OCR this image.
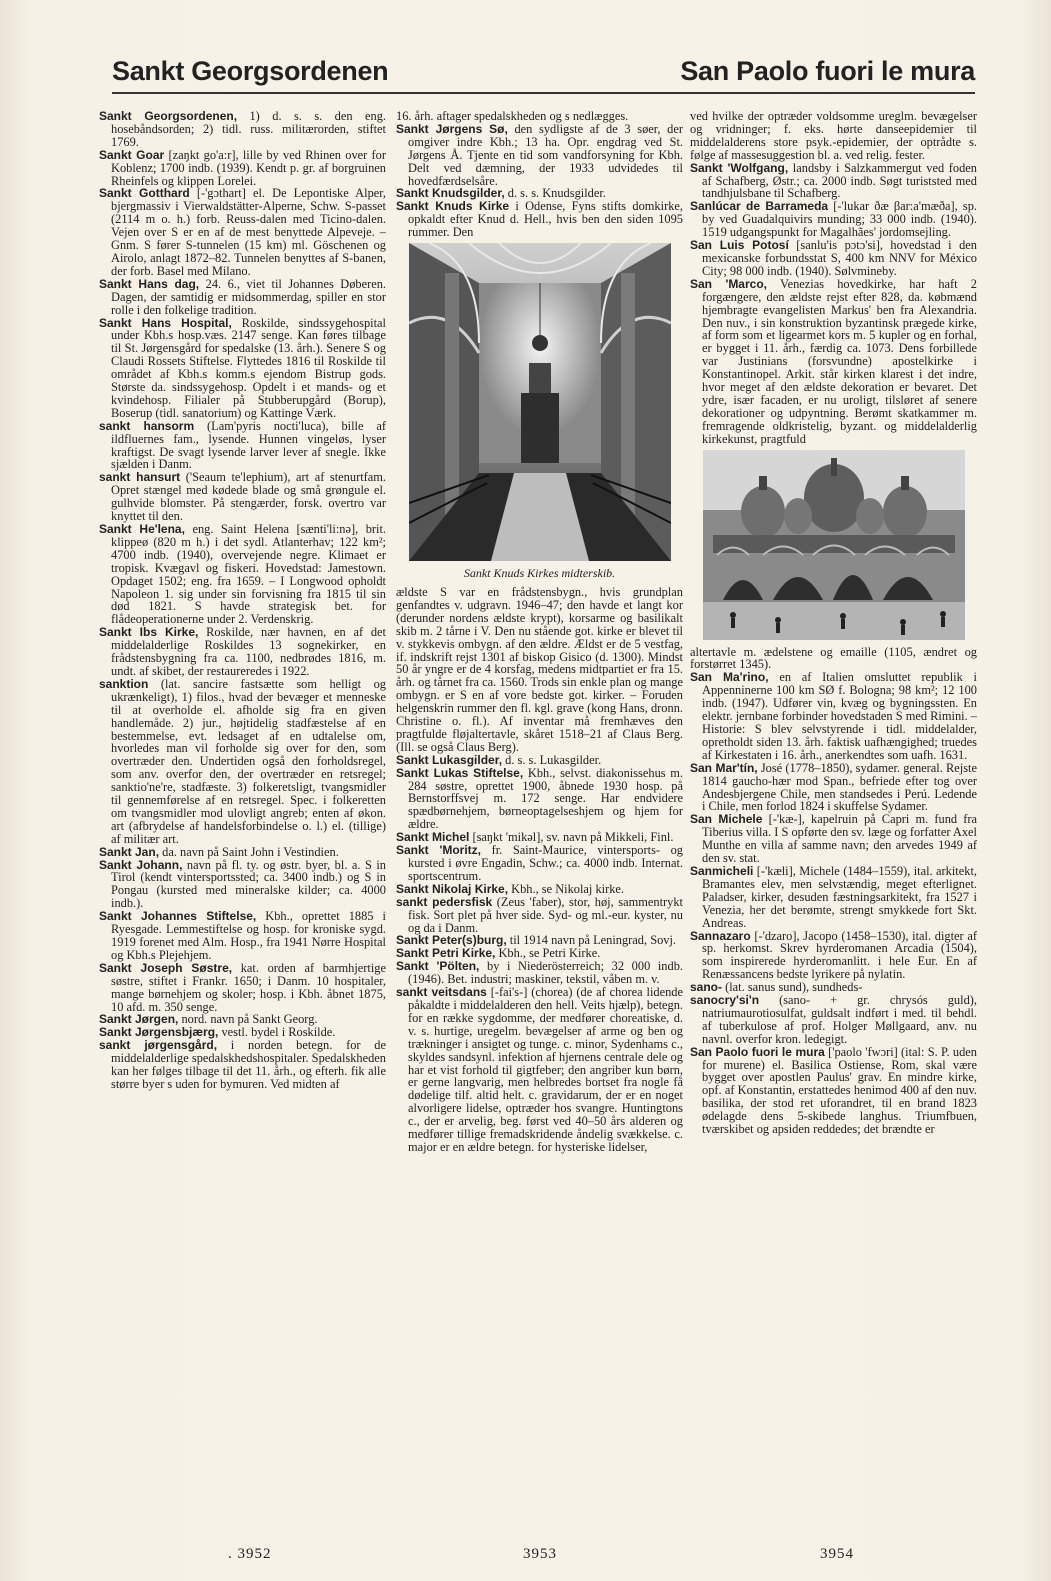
Sankt Georgsordenen	San Paolo fuori le mura

Sankt Georgsordenen, 1) d. s. s. den eng. hosebåndsorden; 2) tidl. russ. militærorden, stiftet 1769.

Sankt Goar [zaŋkt go'a:r], lille by ved Rhinen over for Koblenz; 1700 indb. (1939). Kendt p. gr. af borgruinen Rheinfels og klippen Lorelei.

Sankt Gotthard [-'gɔthart] el. De Lepontiske Alper, bjergmassiv i Vierwaldstätter-Alperne, Schw. S-passet (2114 m o. h.) forb. Reuss-dalen med Ticino-dalen. Vejen over S er en af de mest benyttede Alpeveje. – Gnm. S fører S-tunnelen (15 km) ml. Göschenen og Airolo, anlagt 1872–82. Tunnelen benyttes af S-banen, der forb. Basel med Milano.

Sankt Hans dag, 24. 6., viet til Johannes Døberen. Dagen, der samtidig er midsommerdag, spiller en stor rolle i den folkelige tradition.

Sankt Hans Hospital, Roskilde, sindssygehospital under Kbh.s hosp.væs. 2147 senge. Kan føres tilbage til St. Jørgensgård for spedalske (13. årh.). Senere S og Claudi Rossets Stiftelse. Flyttedes 1816 til Roskilde til området af Kbh.s komm.s ejendom Bistrup gods. Største da. sindssygehosp. Opdelt i et mands- og et kvindehosp. Filialer på Stubberupgård (Borup), Boserup (tidl. sanatorium) og Kattinge Værk.

sankt hansorm (Lam'pyris nocti'luca), bille af ildfluernes fam., lysende. Hunnen vingeløs, lyser kraftigst. De svagt lysende larver lever af snegle. Ikke sjælden i Danm.

sankt hansurt ('Seaum te'lephium), art af stenurtfam. Opret stængel med kødede blade og små grøngule el. gulhvide blomster. På stengærder, forsk. overtro var knyttet til den.

Sankt He'lena, eng. Saint Helena [sænti'li:nə], brit. klippeø (820 m h.) i det sydl. Atlanterhav; 122 km²; 4700 indb. (1940), overvejende negre. Klimaet er tropisk. Kvægavl og fiskeri. Hovedstad: Jamestown. Opdaget 1502; eng. fra 1659. – I Longwood opholdt Napoleon 1. sig under sin forvisning fra 1815 til sin død 1821. S havde strategisk bet. for flådeoperationerne under 2. Verdenskrig.

Sankt Ibs Kirke, Roskilde, nær havnen, en af det middelalderlige Roskildes 13 sognekirker, en frådstensbygning fra ca. 1100, nedbrødes 1816, m. undt. af skibet, der restaureredes i 1922.

sanktion (lat. sancire fastsætte som helligt og ukrænkeligt), 1) filos., hvad der bevæger et menneske til at overholde el. afholde sig fra en given handlemåde. 2) jur., højtidelig stadfæstelse af en bestemmelse, evt. ledsaget af en udtalelse om, hvorledes man vil forholde sig over for den, som overtræder den. Undertiden også den forholdsregel, som anv. overfor den, der overtræder en retsregel; sanktio'ne're, stadfæste. 3) folkeretsligt, tvangsmidler til gennemførelse af en retsregel. Spec. i folkeretten om tvangsmidler mod ulovligt angreb; enten af økon. art (afbrydelse af handelsforbindelse o. l.) el. (tillige) af militær art.

Sankt Jan, da. navn på Saint John i Vestindien.

Sankt Johann, navn på fl. ty. og østr. byer, bl. a. S in Tirol (kendt vintersportssted; ca. 3400 indb.) og S in Pongau (kursted med mineralske kilder; ca. 4000 indb.).

Sankt Johannes Stiftelse, Kbh., oprettet 1885 i Ryesgade. Lemmestiftelse og hosp. for kroniske sygd. 1919 forenet med Alm. Hosp., fra 1941 Nørre Hospital og Kbh.s Plejehjem.

Sankt Joseph Søstre, kat. orden af barmhjertige søstre, stiftet i Frankr. 1650; i Danm. 10 hospitaler, mange børnehjem og skoler; hosp. i Kbh. åbnet 1875, 10 afd. m. 350 senge.

Sankt Jørgen, nord. navn på Sankt Georg.

Sankt Jørgensbjærg, vestl. bydel i Roskilde.

sankt jørgensgård, i norden betegn. for de middelalderlige spedalskhedshospitaler. Spedalskheden kan her følges tilbage til det 11. årh., og efterh. fik alle større byer s uden for bymuren. Ved midten af

16. årh. aftager spedalskheden og s nedlægges.

Sankt Jørgens Sø, den sydligste af de 3 søer, der omgiver indre Kbh.; 13 ha. Opr. engdrag ved St. Jørgens Å. Tjente en tid som vandforsyning for Kbh. Delt ved dæmning, der 1933 udvidedes til hovedfærdselsåre.

Sankt Knudsgilder, d. s. s. Knudsgilder.

Sankt Knuds Kirke i Odense, Fyns stifts domkirke, opkaldt efter Knud d. Hell., hvis ben den siden 1095 rummer. Den

Sankt Knuds Kirkes midterskib.

ældste S var en frådstensbygn., hvis grundplan genfandtes v. udgravn. 1946–47; den havde et langt kor (derunder nordens ældste krypt), korsarme og basilikalt skib m. 2 tårne i V. Den nu stående got. kirke er blevet til v. stykkevis ombygn. af den ældre. Ældst er de 5 vestfag, if. indskrift rejst 1301 af biskop Gisico (d. 1300). Mindst 50 år yngre er de 4 korsfag, medens midtpartiet er fra 15. årh. og tårnet fra ca. 1560. Trods sin enkle plan og mange ombygn. er S en af vore bedste got. kirker. – Foruden helgenskrin rummer den fl. kgl. grave (kong Hans, dronn. Christine o. fl.). Af inventar må fremhæves den pragtfulde fløjaltertavle, skåret 1518–21 af Claus Berg. (Ill. se også Claus Berg).

Sankt Lukasgilder, d. s. s. Lukasgilder.

Sankt Lukas Stiftelse, Kbh., selvst. diakonissehus m. 284 søstre, oprettet 1900, åbnede 1930 hosp. på Bernstorffsvej m. 172 senge. Har endvidere spædbørnehjem, børneoptagelseshjem og hjem for ældre.

Sankt Michel [saŋkt 'mikəl], sv. navn på Mikkeli, Finl.

Sankt 'Moritz, fr. Saint-Maurice, vintersports- og kursted i øvre Engadin, Schw.; ca. 4000 indb. Internat. sportscentrum.

Sankt Nikolaj Kirke, Kbh., se Nikolaj kirke.

sankt pedersfisk (Zeus 'faber), stor, høj, sammentrykt fisk. Sort plet på hver side. Syd- og ml.-eur. kyster, nu og da i Danm.

Sankt Peter(s)burg, til 1914 navn på Leningrad, Sovj.

Sankt Petri Kirke, Kbh., se Petri Kirke.

Sankt 'Pölten, by i Niederösterreich; 32 000 indb. (1946). Bet. industri; maskiner, tekstil, våben m. v.

sankt veitsdans [-fai's-] (chorea) (de af chorea lidende påkaldte i middelalderen den hell. Veits hjælp), betegn. for en række sygdomme, der medfører choreatiske, d. v. s. hurtige, uregelm. bevægelser af arme og ben og trækninger i ansigtet og tunge. c. minor, Sydenhams c., skyldes sandsynl. infektion af hjernens centrale dele og har et vist forhold til gigtfeber; den angriber kun børn, er gerne langvarig, men helbredes bortset fra nogle få dødelige tilf. altid helt. c. gravidarum, der er en noget alvorligere lidelse, optræder hos svangre. Huntingtons c., der er arvelig, beg. først ved 40–50 års alderen og medfører tillige fremadskridende åndelig svækkelse. c. major er en ældre betegn. for hysteriske lidelser,

ved hvilke der optræder voldsomme ureglm. bevægelser og vridninger; f. eks. hørte danseepidemier til middelalderens store psyk.-epidemier, der optrådte s. følge af massesuggestion bl. a. ved relig. fester.

Sankt 'Wolfgang, landsby i Salzkammergut ved foden af Schafberg, Østr.; ca. 2000 indb. Søgt turiststed med tandhjulsbane til Schafberg.

Sanlúcar de Barrameda [-'lukar ðæ βar:a'mæða], sp. by ved Guadalquivirs munding; 33 000 indb. (1940). 1519 udgangspunkt for Magalhães' jordomsejling.

San Luis Potosí [sanlu'is pɔtɔ'si], hovedstad i den mexicanske forbundsstat S, 400 km NNV for México City; 98 000 indb. (1940). Sølvmineby.

San 'Marco, Venezias hovedkirke, har haft 2 forgængere, den ældste rejst efter 828, da. købmænd hjembragte evangelisten Markus' ben fra Alexandria. Den nuv., i sin konstruktion byzantinsk prægede kirke, af form som et ligearmet kors m. 5 kupler og en forhal, er bygget i 11. årh., færdig ca. 1073. Dens forbillede var Justinians (forsvundne) apostelkirke i Konstantinopel. Arkit. står kirken klarest i det indre, hvor meget af den ældste dekoration er bevaret. Det ydre, især facaden, er nu uroligt, tilsløret af senere dekorationer og udpyntning. Berømt skatkammer m. fremragende oldkristelig, byzant. og middelalderlig kirkekunst, pragtfuld

altertavle m. ædelstene og emaille (1105, ændret og forstørret 1345).

San Ma'rino, en af Italien omsluttet republik i Appenninerne 100 km SØ f. Bologna; 98 km²; 12 100 indb. (1947). Udfører vin, kvæg og bygningssten. En elektr. jernbane forbinder hovedstaden S med Rimini. – Historie: S blev selvstyrende i tidl. middelalder, opretholdt siden 13. årh. faktisk uafhængighed; truedes af Kirkestaten i 16. årh., anerkendtes som uafh. 1631.

San Mar'tín, José (1778–1850), sydamer. general. Rejste 1814 gaucho-hær mod Span., befriede efter tog over Andesbjergene Chile, men standsedes i Perú. Ledende i Chile, men forlod 1824 i skuffelse Sydamer.

San Michele [-'kæ-], kapelruin på Capri m. fund fra Tiberius villa. I S opførte den sv. læge og forfatter Axel Munthe en villa af samme navn; den arvedes 1949 af den sv. stat.

Sanmicheli [-'kæli], Michele (1484–1559), ital. arkitekt, Bramantes elev, men selvstændig, meget efterlignet. Paladser, kirker, desuden fæstningsarkitekt, fra 1527 i Venezia, her det berømte, strengt smykkede fort Skt. Andreas.

Sannazaro [-'dzaro], Jacopo (1458–1530), ital. digter af sp. herkomst. Skrev hyrderomanen Arcadia (1504), som inspirerede hyrderomanlitt. i hele Eur. En af Renæssancens bedste lyrikere på nylatin.

sano- (lat. sanus sund), sundheds-

sanocry'si'n (sano- + gr. chrysós guld), natriumaurotiosulfat, guldsalt indført i med. til behdl. af tuberkulose af prof. Holger Møllgaard, anv. nu navnl. overfor kron. ledegigt.

San Paolo fuori le mura ['paolo 'fwɔri] (ital: S. P. uden for murene) el. Basilica Ostiense, Rom, skal være bygget over apostlen Paulus' grav. En mindre kirke, opf. af Konstantin, erstattedes henimod 400 af den nuv. basilika, der stod ret uforandret, til en brand 1823 ødelagde dens 5-skibede langhus. Triumfbuen, tværskibet og apsiden reddedes; det brændte er

. 3952	3953	3954
